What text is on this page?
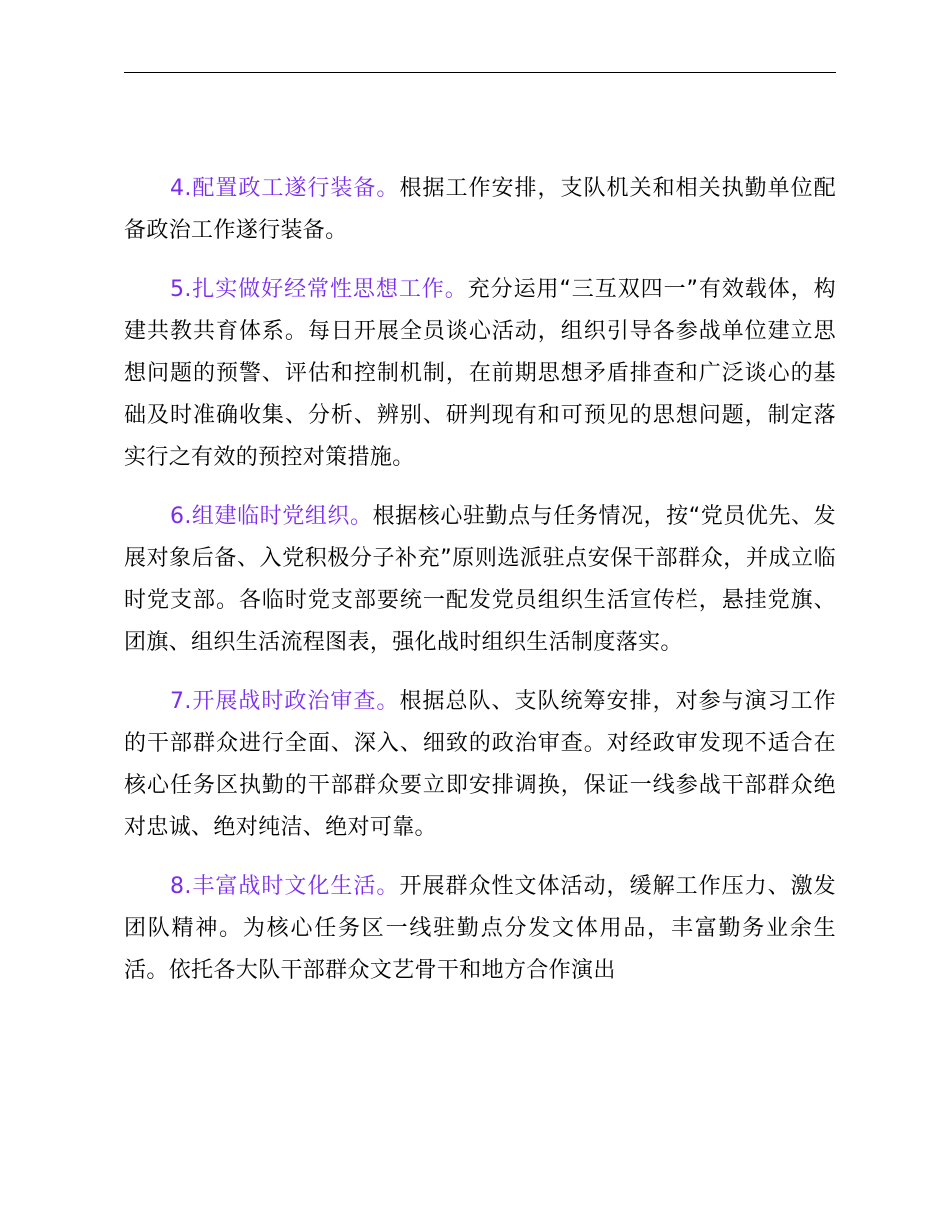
4.配置政工遂行装备。根据工作安排，支队机关和相关执勤单位配备政治工作遂行装备。

5.扎实做好经常性思想工作。充分运用“三互双四一”有效载体，构建共教共育体系。每日开展全员谈心活动，组织引导各参战单位建立思想问题的预警、评估和控制机制，在前期思想矛盾排查和广泛谈心的基础及时准确收集、分析、辨别、研判现有和可预见的思想问题，制定落实行之有效的预控对策措施。

6.组建临时党组织。根据核心驻勤点与任务情况，按“党员优先、发展对象后备、入党积极分子补充”原则选派驻点安保干部群众，并成立临时党支部。各临时党支部要统一配发党员组织生活宣传栏，悬挂党旗、团旗、组织生活流程图表，强化战时组织生活制度落实。

7.开展战时政治审查。根据总队、支队统筹安排，对参与演习工作的干部群众进行全面、深入、细致的政治审查。对经政审发现不适合在核心任务区执勤的干部群众要立即安排调换，保证一线参战干部群众绝对忠诚、绝对纯洁、绝对可靠。

8.丰富战时文化生活。开展群众性文体活动，缓解工作压力、激发团队精神。为核心任务区一线驻勤点分发文体用品，丰富勤务业余生活。依托各大队干部群众文艺骨干和地方合作演出
